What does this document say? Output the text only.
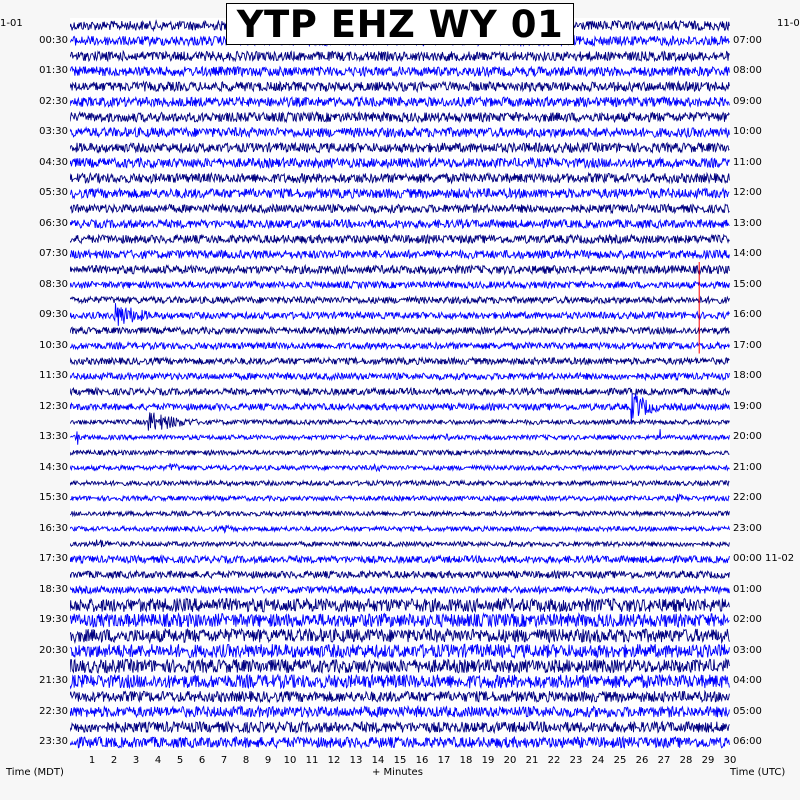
YTP EHZ WY 01
1-01	11-0
00:30
01:30
02:30
03:30
04:30
05:30
06:30
07:30
08:30
09:30
10:30
11:30
12:30
13:30
14:30
15:30
16:30
17:30
18:30
19:30
20:30
21:30
22:30
23:30
07:00
08:00
09:00
10:00
11:00
12:00
13:00
14:00
15:00
16:00
17:00
18:00
19:00
20:00
21:00
22:00
23:00
00:00 11-02
01:00
02:00
03:00
04:00
05:00
06:00
1	2	3	4	5	6	7	8	9	10 11 12 13 14 15 16 17 18 19 20 21 22 23 24 25 26 27 28 29 30
Time (MDT)	+ Minutes	Time (UTC)
